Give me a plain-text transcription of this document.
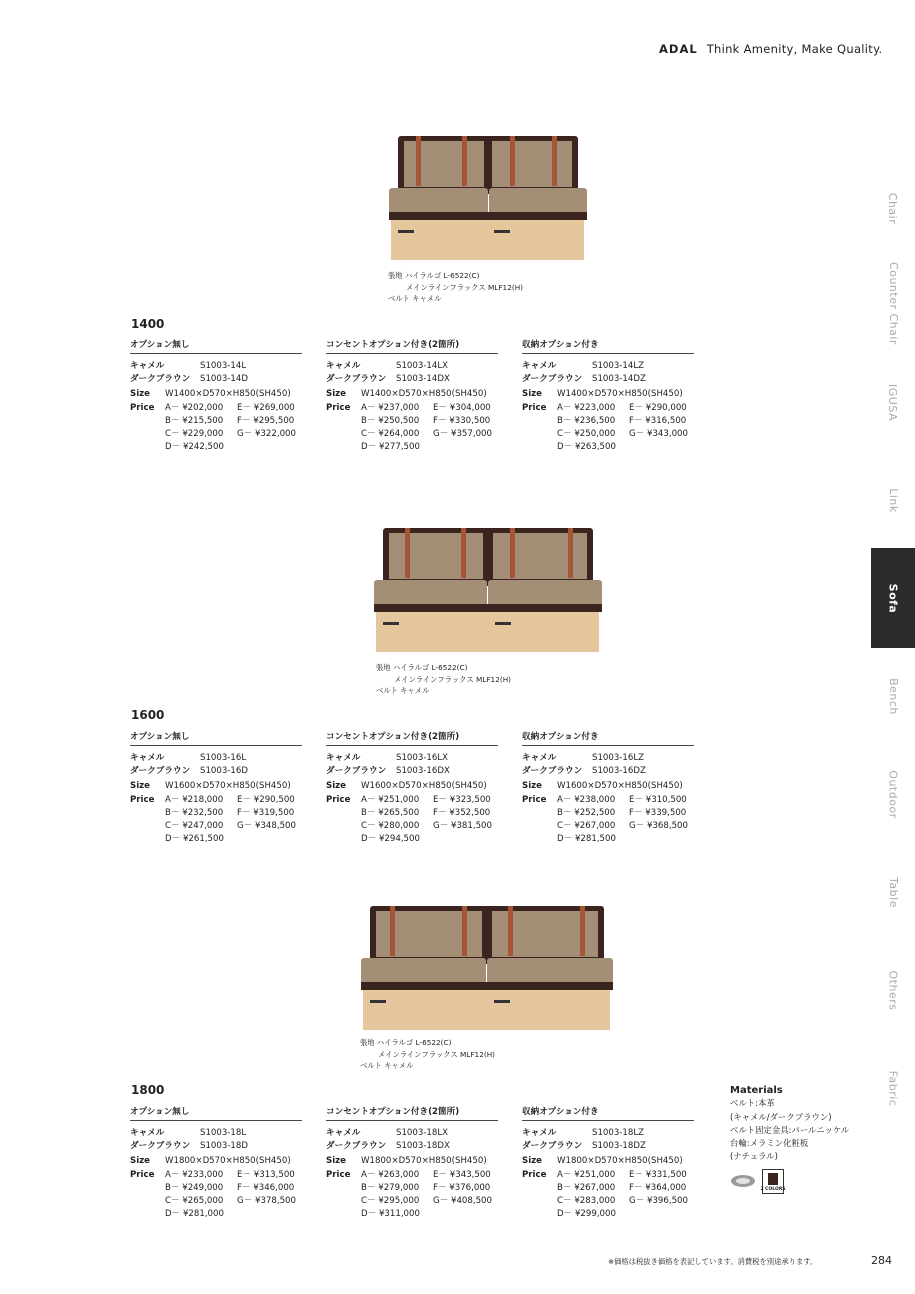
ADAL Think Amenity, Make Quality.
Chair
Counter Chair
IGUSA
Link
Sofa
Bench
Outdoor
Table
Others
Fabric
張地 ハイラルゴ L-6522(C)
メインラインフラックス MLF12(H)
ベルト キャメル
1400
オプション無し
キャメル	S1003-14L
ダークブラウン	S1003-14D
Size	W1400×D570×H850(SH450)
Price	A－ ¥202,000	E－ ¥269,000
B－ ¥215,500	F－ ¥295,500
C－ ¥229,000	G－ ¥322,000
D－ ¥242,500
コンセントオプション付き(2箇所)
キャメル	S1003-14LX
ダークブラウン	S1003-14DX
Size	W1400×D570×H850(SH450)
Price	A－ ¥237,000	E－ ¥304,000
B－ ¥250,500	F－ ¥330,500
C－ ¥264,000	G－ ¥357,000
D－ ¥277,500
収納オプション付き
キャメル	S1003-14LZ
ダークブラウン	S1003-14DZ
Size	W1400×D570×H850(SH450)
Price	A－ ¥223,000	E－ ¥290,000
B－ ¥236,500	F－ ¥316,500
C－ ¥250,000	G－ ¥343,000
D－ ¥263,500
張地 ハイラルゴ L-6522(C)
メインラインフラックス MLF12(H)
ベルト キャメル
1600
オプション無し
キャメル	S1003-16L
ダークブラウン	S1003-16D
Size	W1600×D570×H850(SH450)
Price	A－ ¥218,000	E－ ¥290,500
B－ ¥232,500	F－ ¥319,500
C－ ¥247,000	G－ ¥348,500
D－ ¥261,500
コンセントオプション付き(2箇所)
キャメル	S1003-16LX
ダークブラウン	S1003-16DX
Size	W1600×D570×H850(SH450)
Price	A－ ¥251,000	E－ ¥323,500
B－ ¥265,500	F－ ¥352,500
C－ ¥280,000	G－ ¥381,500
D－ ¥294,500
収納オプション付き
キャメル	S1003-16LZ
ダークブラウン	S1003-16DZ
Size	W1600×D570×H850(SH450)
Price	A－ ¥238,000	E－ ¥310,500
B－ ¥252,500	F－ ¥339,500
C－ ¥267,000	G－ ¥368,500
D－ ¥281,500
張地 ハイラルゴ L-6522(C)
メインラインフラックス MLF12(H)
ベルト キャメル
1800
オプション無し
キャメル	S1003-18L
ダークブラウン	S1003-18D
Size	W1800×D570×H850(SH450)
Price	A－ ¥233,000	E－ ¥313,500
B－ ¥249,000	F－ ¥346,000
C－ ¥265,000	G－ ¥378,500
D－ ¥281,000
コンセントオプション付き(2箇所)
キャメル	S1003-18LX
ダークブラウン	S1003-18DX
Size	W1800×D570×H850(SH450)
Price	A－ ¥263,000	E－ ¥343,500
B－ ¥279,000	F－ ¥376,000
C－ ¥295,000	G－ ¥408,500
D－ ¥311,000
収納オプション付き
キャメル	S1003-18LZ
ダークブラウン	S1003-18DZ
Size	W1800×D570×H850(SH450)
Price	A－ ¥251,000	E－ ¥331,500
B－ ¥267,000	F－ ¥364,000
C－ ¥283,000	G－ ¥396,500
D－ ¥299,000
Materials
ベルト:本革
(キャメル/ダークブラウン)
ベルト固定金具:パールニッケル
台輪:メラミン化粧板
(ナチュラル)
2 COLORS
※価格は税抜き価格を表記しています。消費税を別途承ります。	284
